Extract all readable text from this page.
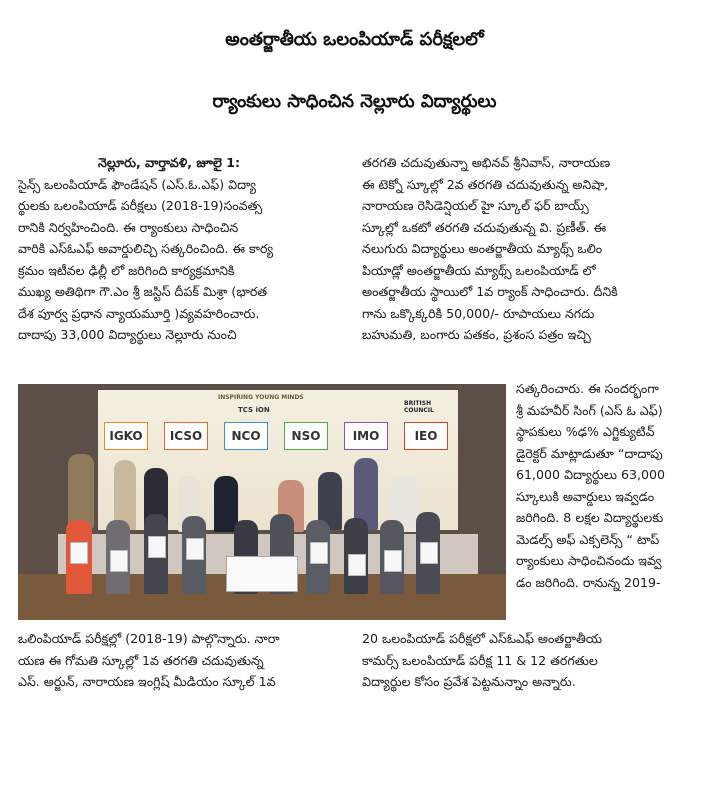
అంతర్జాతీయ ఒలంపియాడ్ పరీక్షలలో
ర్యాంకులు సాధించిన నెల్లూరు విద్యార్థులు
నెల్లూరు, వార్తావళి, జూలై 1:
సైన్స్ ఒలంపియాడ్ ఫౌండేషన్ (ఎస్.ఓ.ఎఫ్) విద్యా
ర్థులకు ఒలంపియాడ్ పరీక్షలు (2018-19)సంవత్స
రానికి నిర్వహించింది. ఈ ర్యాంకులు సాధించిన
వారికి ఎస్ఓఎఫ్ అవార్డులిచ్చి సత్కరించింది. ఈ కార్య
క్రమం ఇటీవల ఢిల్లీ లో జరిగింది కార్యక్రమానికి
ముఖ్య అతిథిగా గౌ.ఎం శ్రీ జస్టిస్ దీపక్ మిశ్రా (భారత
దేశ పూర్వ ప్రధాన న్యాయమూర్తి )వ్యవహరించారు.
దాదాపు 33,000 విద్యార్థులు నెల్లూరు నుంచి
తరగతి చదువుతున్నా అభినవ్ శ్రీనివాస్, నారాయణ
ఈ టెక్నో స్కూల్లో 2వ తరగతి చదువుతున్న అనిషా,
నారాయణ రెసిడెన్షియల్ హై స్కూల్ ఫర్ బాయ్స్
స్కూల్లో ఒకటో తరగతి చదువుతున్న వి. ప్రణీత్. ఈ
నలుగురు విద్యార్థులు అంతర్జాతీయ మ్యాథ్స్ ఒలిం
పియాడ్లో అంతర్జాతీయ మ్యాథ్స్ ఒలంపియాడ్ లో
అంతర్జాతీయ స్థాయిలో 1వ ర్యాంక్ సాధించారు. దీనికి
గాను ఒక్కొక్కరికి 50,000/- రూపాయలు నగదు
బహుమతి, బంగారు పతకం, ప్రశంస పత్రం ఇచ్చి
సత్కరించారు. ఈ సందర్భంగా
శ్రీ మహవీర్ సింగ్ (ఎస్ ఓ ఎఫ్)
స్థాపకులు %ఢ% ఎగ్జిక్యుటివ్
డైరెక్టర్ మాట్లాడుతూ “దాదాపు
61,000 విద్యార్థులు 63,000
స్కూలుకి అవార్డులు ఇవ్వడం
జరిగింది. 8 లక్షల విద్యార్థులకు
మెడల్స్ అఫ్ ఎక్సలెన్స్ “ టాప్
ర్యాంకులు సాధించినందు ఇవ్వ
డం జరిగింది. రానున్న 2019-
INSPIRING YOUNG MINDS
TCS iON
BRITISH COUNCIL
IGKO	ICSO	NCO	NSO	IMO	IEO
ఒలింపియాడ్ పరీక్షల్లో (2018-19) పాల్గొన్నారు. నారా
యణ ఈ గోమతి స్కూల్లో 1వ తరగతి చదువుతున్న
ఎస్. అర్జున్, నారాయణ ఇంగ్లిష్ మీడియం స్కూల్ 1వ
20 ఒలంపియాడ్ పరీక్షలో ఎస్ఓఎఫ్ అంతర్జాతీయ
కామర్స్ ఒలంపియాడ్ పరీక్ష 11 & 12 తరగతుల
విద్యార్థుల కోసం ప్రవేశ పెట్టనున్నాం అన్నారు.
